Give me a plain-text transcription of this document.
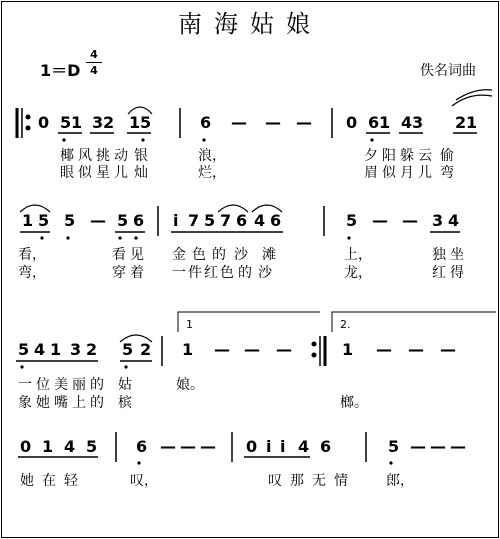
南海姑娘
1＝D
4
4	佚名词曲
1	2.
0 5 1 3 2 1 5	6 — — — 0 6 1 4 3 2 1
椰 风 挑 动 银	浪，	夕 阳 躲 云 偷
眼 似 星 儿 灿	烂，	眉 似 月 儿 弯
1 5 5 — 5 6 i 7 5 7 6 4 6	5 — — 3 4
看，	看 见 金 色 的 沙 滩	上，	独 坐
弯，	穿 着 一 件 红 色 的 沙	龙，	红 得
5 4 1 3 2 5 2 1 — — —	1 — — —
一 位 美 丽 的 姑	娘。
象 她 嘴 上 的 槟	榔。
0 1 4 5 6 — — — 0 i i 4 6	5 — — —
她 在 轻	叹，	叹 那 无 情	郎，
